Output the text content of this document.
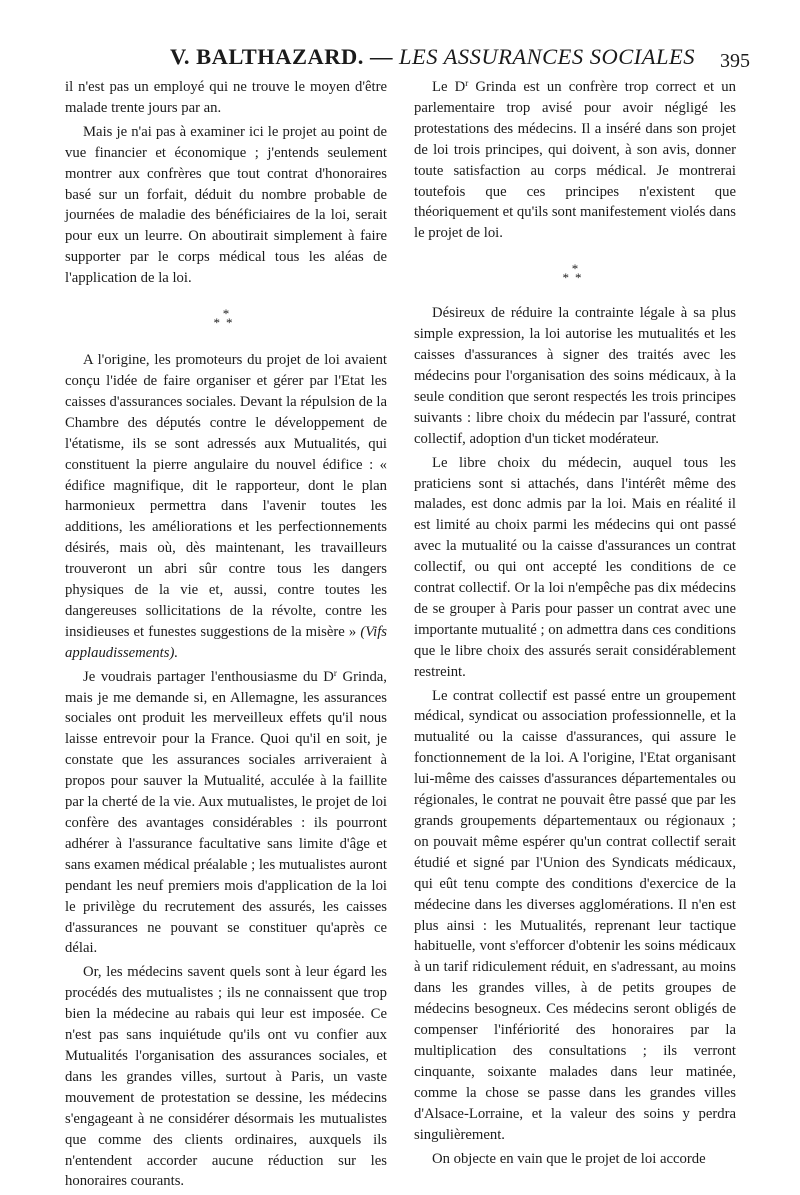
V. BALTHAZARD. — LES ASSURANCES SOCIALES 395

il n'est pas un employé qui ne trouve le moyen d'être malade trente jours par an.

Mais je n'ai pas à examiner ici le projet au point de vue financier et économique ; j'entends seulement montrer aux confrères que tout contrat d'honoraires basé sur un forfait, déduit du nombre probable de journées de maladie des bénéficiaires de la loi, serait pour eux un leurre. On aboutirait simplement à faire supporter par le corps médical tous les aléas de l'application de la loi.

*
**

A l'origine, les promoteurs du projet de loi avaient conçu l'idée de faire organiser et gérer par l'Etat les caisses d'assurances sociales. Devant la répulsion de la Chambre des députés contre le développement de l'étatisme, ils se sont adressés aux Mutualités, qui constituent la pierre angulaire du nouvel édifice : « édifice magnifique, dit le rapporteur, dont le plan harmonieux permettra dans l'avenir toutes les additions, les améliorations et les perfectionnements désirés, mais où, dès maintenant, les travailleurs trouveront un abri sûr contre tous les dangers physiques de la vie et, aussi, contre toutes les dangereuses sollicitations de la révolte, contre les insidieuses et funestes suggestions de la misère » (Vifs applaudissements).

Je voudrais partager l'enthousiasme du $D^r$ Grinda, mais je me demande si, en Allemagne, les assurances sociales ont produit les merveilleux effets qu'il nous laisse entrevoir pour la France. Quoi qu'il en soit, je constate que les assurances sociales arriveraient à propos pour sauver la Mutualité, acculée à la faillite par la cherté de la vie. Aux mutualistes, le projet de loi confère des avantages considérables : ils pourront adhérer à l'assurance facultative sans limite d'âge et sans examen médical préalable ; les mutualistes auront pendant les neuf premiers mois d'application de la loi le privilège du recrutement des assurés, les caisses d'assurances ne pouvant se constituer qu'après ce délai.

Or, les médecins savent quels sont à leur égard les procédés des mutualistes ; ils ne connaissent que trop bien la médecine au rabais qui leur est imposée. Ce n'est pas sans inquiétude qu'ils ont vu confier aux Mutualités l'organisation des assurances sociales, et dans les grandes villes, surtout à Paris, un vaste mouvement de protestation se dessine, les médecins s'engageant à ne considérer désormais les mutualistes que comme des clients ordinaires, auxquels ils n'entendent accorder aucune réduction sur les honoraires courants.

Le $D^r$ Grinda est un confrère trop correct et un parlementaire trop avisé pour avoir négligé les protestations des médecins. Il a inséré dans son projet de loi trois principes, qui doivent, à son avis, donner toute satisfaction au corps médical. Je montrerai toutefois que ces principes n'existent que théoriquement et qu'ils sont manifestement violés dans le projet de loi.

*
**

Désireux de réduire la contrainte légale à sa plus simple expression, la loi autorise les mutualités et les caisses d'assurances à signer des traités avec les médecins pour l'organisation des soins médicaux, à la seule condition que seront respectés les trois principes suivants : libre choix du médecin par l'assuré, contrat collectif, adoption d'un ticket modérateur.

Le libre choix du médecin, auquel tous les praticiens sont si attachés, dans l'intérêt même des malades, est donc admis par la loi. Mais en réalité il est limité au choix parmi les médecins qui ont passé avec la mutualité ou la caisse d'assurances un contrat collectif, ou qui ont accepté les conditions de ce contrat collectif. Or la loi n'empêche pas dix médecins de se grouper à Paris pour passer un contrat avec une importante mutualité ; on admettra dans ces conditions que le libre choix des assurés serait considérablement restreint.

Le contrat collectif est passé entre un groupement médical, syndicat ou association professionnelle, et la mutualité ou la caisse d'assurances, qui assure le fonctionnement de la loi. A l'origine, l'Etat organisant lui-même des caisses d'assurances départementales ou régionales, le contrat ne pouvait être passé que par les grands groupements départementaux ou régionaux ; on pouvait même espérer qu'un contrat collectif serait étudié et signé par l'Union des Syndicats médicaux, qui eût tenu compte des conditions d'exercice de la médecine dans les diverses agglomérations. Il n'en est plus ainsi : les Mutualités, reprenant leur tactique habituelle, vont s'efforcer d'obtenir les soins médicaux à un tarif ridiculement réduit, en s'adressant, au moins dans les grandes villes, à de petits groupes de médecins besogneux. Ces médecins seront obligés de compenser l'infériorité des honoraires par la multiplication des consultations ; ils verront cinquante, soixante malades dans leur matinée, comme la chose se passe dans les grandes villes d'Alsace-Lorraine, et la valeur des soins y perdra singulièrement.

On objecte en vain que le projet de loi accorde
